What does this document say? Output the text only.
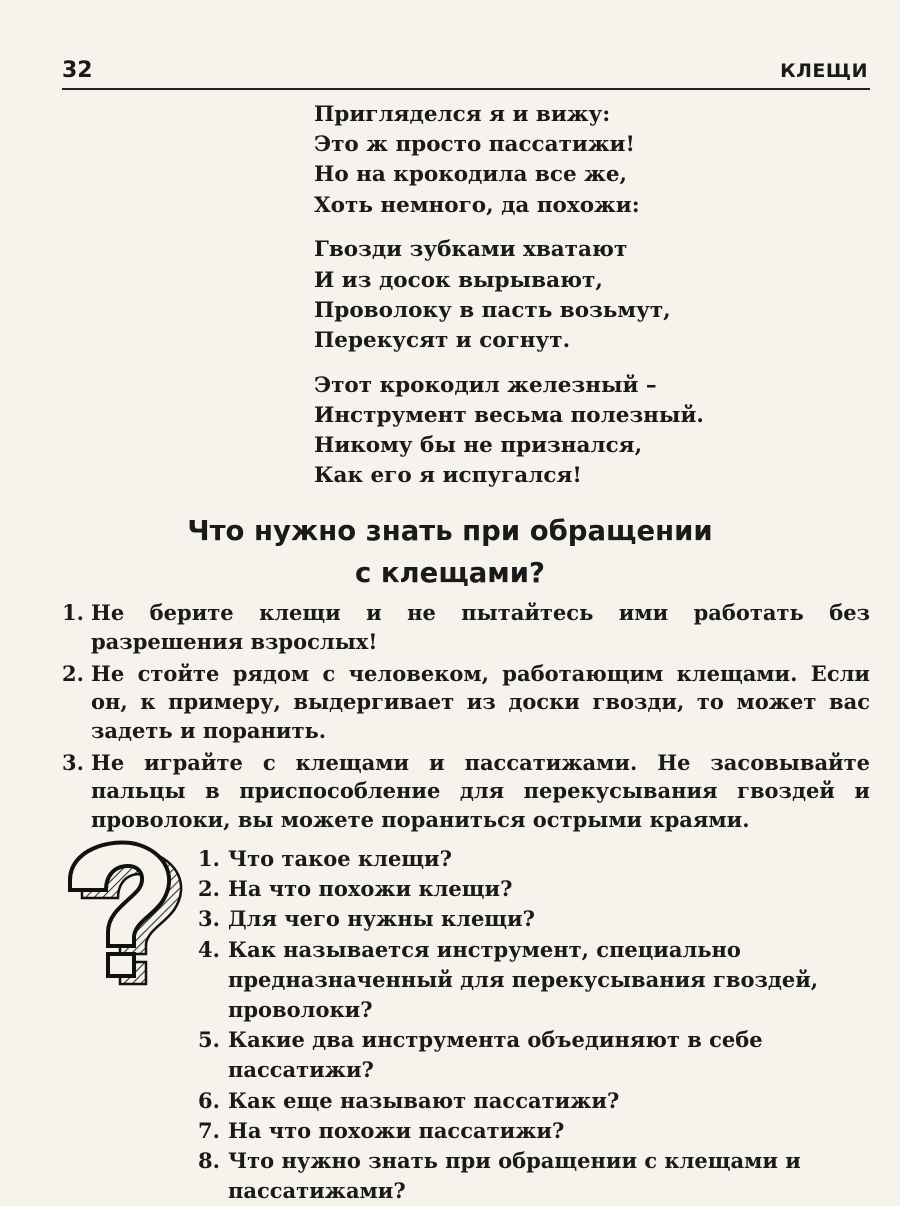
32	КЛЕЩИ
Пригляделся я и вижу:
Это ж просто пассатижи!
Но на крокодила все же,
Хоть немного, да похожи:
Гвозди зубками хватают
И из досок вырывают,
Проволоку в пасть возьмут,
Перекусят и согнут.
Этот крокодил железный –
Инструмент весьма полезный.
Никому бы не признался,
Как его я испугался!
Что нужно знать при обращении
с клещами?
1. Не берите клещи и не пытайтесь ими работать без разрешения взрослых!
2. Не стойте рядом с человеком, работающим клещами. Если он, к примеру, выдергивает из доски гвозди, то может вас задеть и поранить.
3. Не играйте с клещами и пассатижами. Не засовывайте пальцы в приспособление для перекусывания гвоздей и проволоки, вы можете пораниться острыми краями.
1. Что такое клещи?
2. На что похожи клещи?
3. Для чего нужны клещи?
4. Как называется инструмент, специально предназначенный для перекусывания гвоздей, проволоки?
5. Какие два инструмента объединяют в себе пассатижи?
6. Как еще называют пассатижи?
7. На что похожи пассатижи?
8. Что нужно знать при обращении с клещами и пассатижами?
